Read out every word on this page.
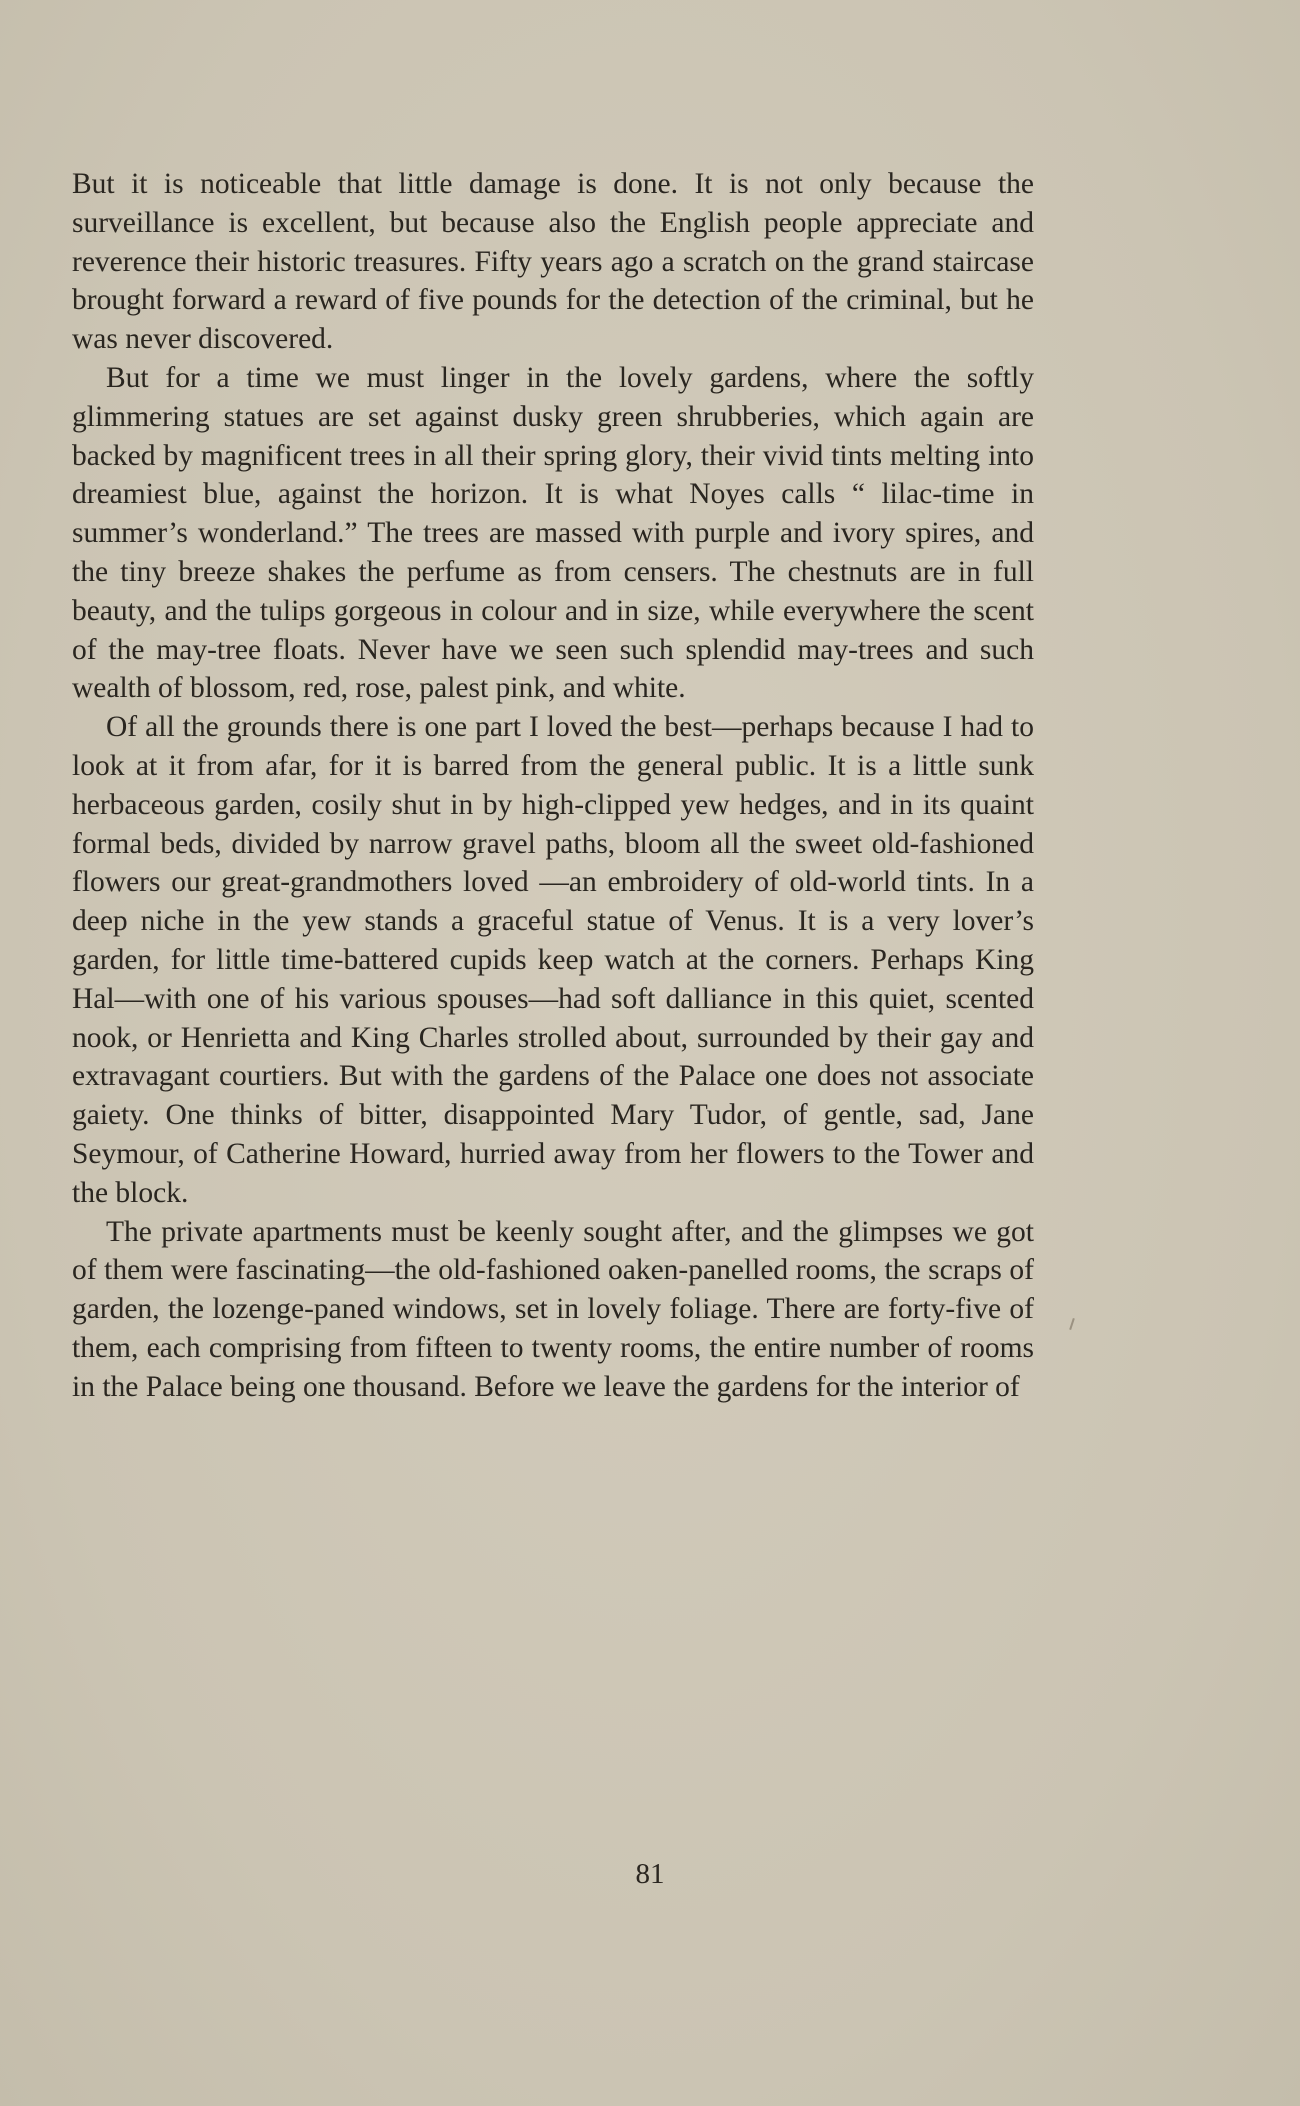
But it is noticeable that little damage is done. It is not only because the surveillance is excellent, but because also the English people appreciate and reverence their historic treasures. Fifty years ago a scratch on the grand staircase brought forward a reward of five pounds for the detection of the criminal, but he was never discovered.

But for a time we must linger in the lovely gardens, where the softly glimmering statues are set against dusky green shrubberies, which again are backed by magnificent trees in all their spring glory, their vivid tints melting into dreamiest blue, against the horizon. It is what Noyes calls “ lilac-time in summer’s wonderland.” The trees are massed with purple and ivory spires, and the tiny breeze shakes the perfume as from censers. The chestnuts are in full beauty, and the tulips gorgeous in colour and in size, while everywhere the scent of the may-tree floats. Never have we seen such splendid may-trees and such wealth of blossom, red, rose, palest pink, and white.

Of all the grounds there is one part I loved the best—perhaps because I had to look at it from afar, for it is barred from the general public. It is a little sunk herbaceous garden, cosily shut in by high-clipped yew hedges, and in its quaint formal beds, divided by narrow gravel paths, bloom all the sweet old-fashioned flowers our great-grandmothers loved —an embroidery of old-world tints. In a deep niche in the yew stands a graceful statue of Venus. It is a very lover’s garden, for little time-battered cupids keep watch at the corners. Perhaps King Hal—with one of his various spouses—had soft dalliance in this quiet, scented nook, or Henrietta and King Charles strolled about, surrounded by their gay and extravagant courtiers. But with the gardens of the Palace one does not associate gaiety. One thinks of bitter, disappointed Mary Tudor, of gentle, sad, Jane Seymour, of Catherine Howard, hurried away from her flowers to the Tower and the block.

The private apartments must be keenly sought after, and the glimpses we got of them were fascinating—the old-fashioned oaken-panelled rooms, the scraps of garden, the lozenge-paned windows, set in lovely foliage. There are forty-five of them, each comprising from fifteen to twenty rooms, the entire number of rooms in the Palace being one thousand. Before we leave the gardens for the interior of

81
